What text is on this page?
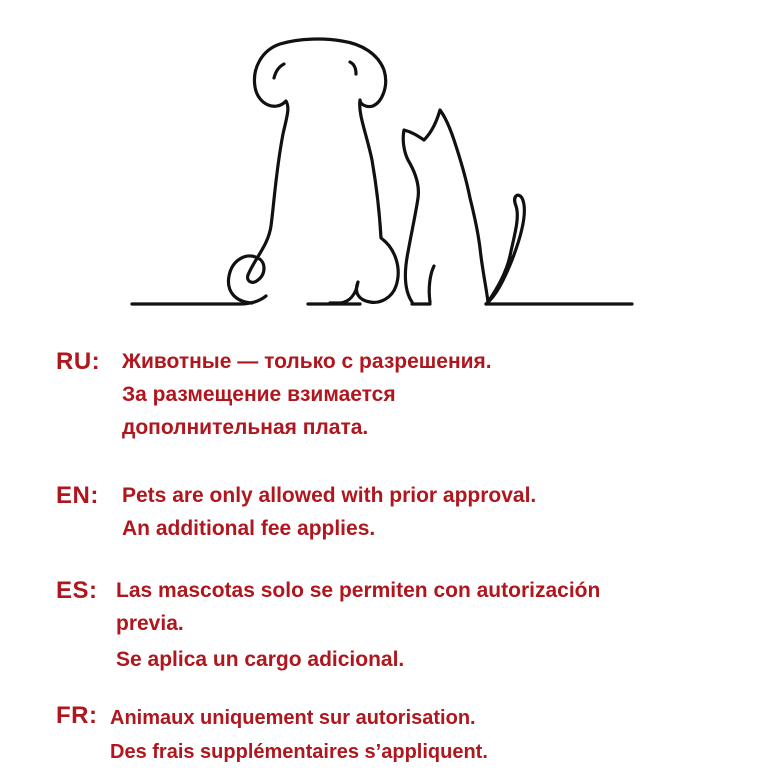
RU: Животные — только с разрешения.
За размещение взимается
дополнительная плата.
EN: Pets are only allowed with prior approval.
An additional fee applies.
ES: Las mascotas solo se permiten con autorización
previa.
Se aplica un cargo adicional.
FR: Animaux uniquement sur autorisation.
Des frais supplémentaires s’appliquent.
